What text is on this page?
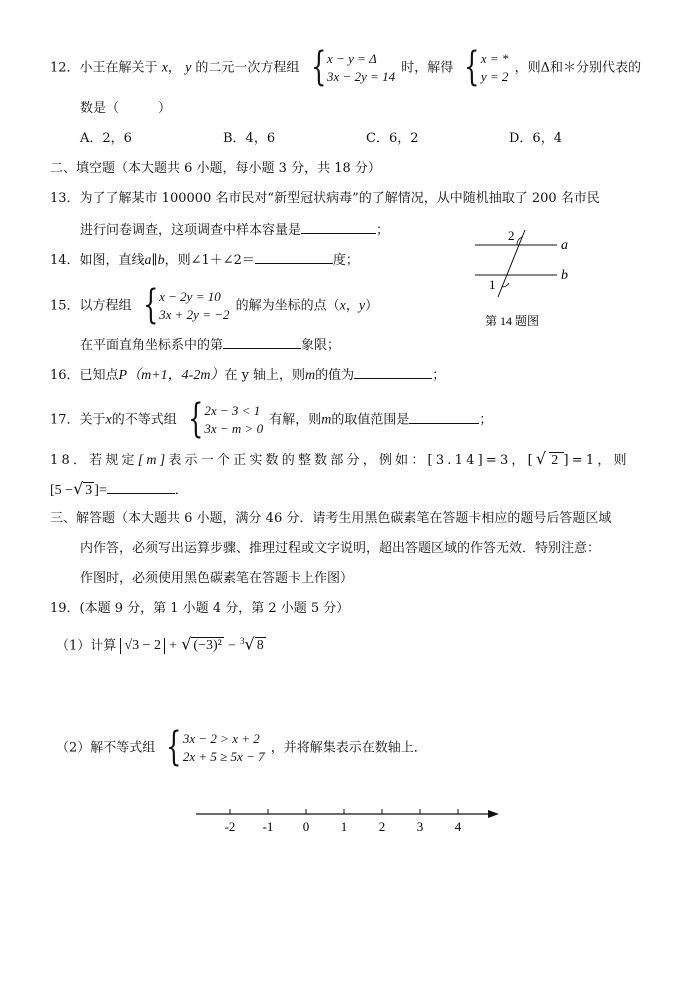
12．小王在解关于 x， y 的二元一次方程组 { x − y = Δ
3x − 2y = 14
时，解得 { x = *
y = 2
，则Δ和＊分别代表的
数是（　　　）
A．2，6	B．4，6	C．6，2	D．6，4
二、填空题（本大题共 6 小题，每小题 3 分，共 18 分）
13．为了了解某市 100000 名市民对“新型冠状病毒”的了解情况，从中随机抽取了 200 名市民
进行问卷调查，这项调查中样本容量是	；
14．如图，直线a∥b，则∠1＋∠2＝	度；
2
1
a
b
第 14 题图
15．以方程组 { x − 2y = 10
3x + 2y = −2
的解为坐标的点（x，y）
在平面直角坐标系中的第	象限；
16．已知点P（m+1，4-2m）在 y 轴上，则m的值为	；
17．关于x的不等式组 { 2x − 3 < 1
3x − m > 0
有解，则m的取值范围是	；
18．若规定[m]表示一个正实数的整数部分，例如：[3.14]=3，[√ 2 ]=1，则
[5 −√ 3 ]=	．
三、解答题（本大题共 6 小题，满分 46 分．请考生用黑色碳素笔在答题卡相应的题号后答题区域
内作答，必须写出运算步骤、推理过程或文字说明，超出答题区域的作答无效．特别注意：
作图时，必须使用黑色碳素笔在答题卡上作图）
19．(本题 9 分，第 1 小题 4 分，第 2 小题 5 分）
（1）计算 √3 − 2 + √ (−3)² − $^3$√ 8
（2）解不等式组 { 3x − 2 > x + 2
2x + 5 ≥ 5x − 7
，并将解集表示在数轴上．
-2 -1 0 1 2 3 4
